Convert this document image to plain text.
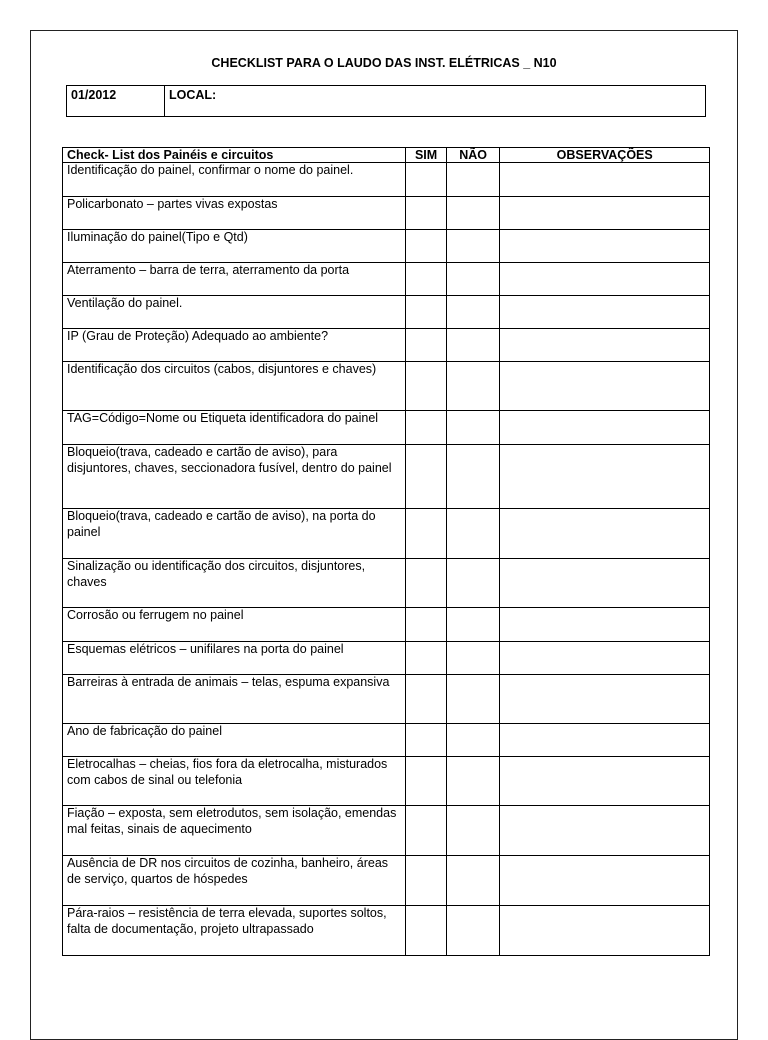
CHECKLIST PARA O LAUDO DAS INST. ELÉTRICAS _ N10
01/2012	LOCAL:
Check- List dos Painéis e circuitos	SIM	NÃO	OBSERVAÇÕES
Identificação do painel, confirmar o nome do painel.			
Policarbonato – partes vivas expostas			
Iluminação do painel(Tipo e Qtd)			
Aterramento – barra de terra, aterramento da porta			
Ventilação do painel.			
IP (Grau de Proteção) Adequado ao ambiente?			
Identificação dos circuitos (cabos, disjuntores e chaves)			
TAG=Código=Nome ou Etiqueta identificadora do painel			
Bloqueio(trava, cadeado e cartão de aviso), para disjuntores, chaves, seccionadora fusível, dentro do painel			
Bloqueio(trava, cadeado e cartão de aviso), na porta do painel			
Sinalização ou identificação dos circuitos, disjuntores, chaves			
Corrosão ou ferrugem no painel			
Esquemas elétricos – unifilares na porta do painel			
Barreiras à entrada de animais – telas, espuma expansiva			
Ano de fabricação do painel			
Eletrocalhas – cheias, fios fora da eletrocalha, misturados com cabos de sinal ou telefonia			
Fiação – exposta, sem eletrodutos, sem isolação, emendas mal feitas, sinais de aquecimento			
Ausência de DR nos circuitos de cozinha, banheiro, áreas de serviço, quartos de hóspedes			
Pára-raios – resistência de terra elevada, suportes soltos, falta de documentação, projeto ultrapassado			
